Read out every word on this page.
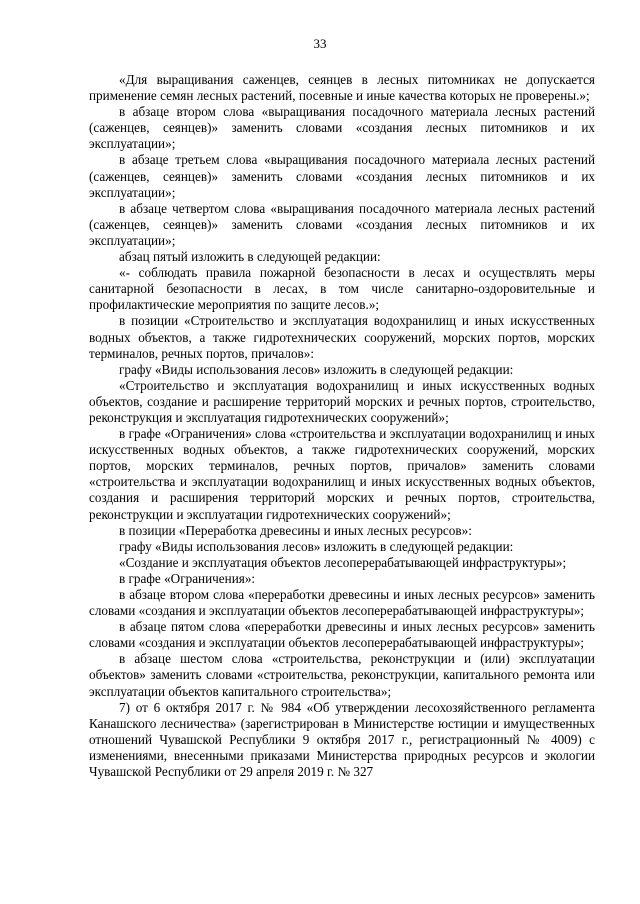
33

«Для выращивания саженцев, сеянцев в лесных питомниках не допускается применение семян лесных растений, посевные и иные качества которых не проверены.»;

в абзаце втором слова «выращивания посадочного материала лесных растений (саженцев, сеянцев)» заменить словами «создания лесных питомников и их эксплуатации»;

в абзаце третьем слова «выращивания посадочного материала лесных растений (саженцев, сеянцев)» заменить словами «создания лесных питомников и их эксплуатации»;

в абзаце четвертом слова «выращивания посадочного материала лесных растений (саженцев, сеянцев)» заменить словами «создания лесных питомников и их эксплуатации»;

абзац пятый изложить в следующей редакции:

«- соблюдать правила пожарной безопасности в лесах и осуществлять меры санитарной безопасности в лесах, в том числе санитарно-оздоровительные и профилактические мероприятия по защите лесов.»;

в позиции «Строительство и эксплуатация водохранилищ и иных искусственных водных объектов, а также гидротехнических сооружений, морских портов, морских терминалов, речных портов, причалов»:

графу «Виды использования лесов» изложить в следующей редакции:

«Строительство и эксплуатация водохранилищ и иных искусственных водных объектов, создание и расширение территорий морских и речных портов, строительство, реконструкция и эксплуатация гидротехнических сооружений»;

в графе «Ограничения» слова «строительства и эксплуатации водохранилищ и иных искусственных водных объектов, а также гидротехнических сооружений, морских портов, морских терминалов, речных портов, причалов» заменить словами «строительства и эксплуатации водохранилищ и иных искусственных водных объектов, создания и расширения территорий морских и речных портов, строительства, реконструкции и эксплуатации гидротехнических сооружений»;

в позиции «Переработка древесины и иных лесных ресурсов»:

графу «Виды использования лесов» изложить в следующей редакции:

«Создание и эксплуатация объектов лесоперерабатывающей инфраструктуры»;

в графе «Ограничения»:

в абзаце втором слова «переработки древесины и иных лесных ресурсов» заменить словами «создания и эксплуатации объектов лесоперерабатывающей инфраструктуры»;

в абзаце пятом слова «переработки древесины и иных лесных ресурсов» заменить словами «создания и эксплуатации объектов лесоперерабатывающей инфраструктуры»;

в абзаце шестом слова «строительства, реконструкции и (или) эксплуатации объектов» заменить словами «строительства, реконструкции, капитального ремонта или эксплуатации объектов капитального строительства»;

7) от 6 октября 2017 г. № 984 «Об утверждении лесохозяйственного регламента Канашского лесничества» (зарегистрирован в Министерстве юстиции и имущественных отношений Чувашской Республики 9 октября 2017 г., регистрационный № 4009) с изменениями, внесенными приказами Министерства природных ресурсов и экологии Чувашской Республики от 29 апреля 2019 г. № 327
